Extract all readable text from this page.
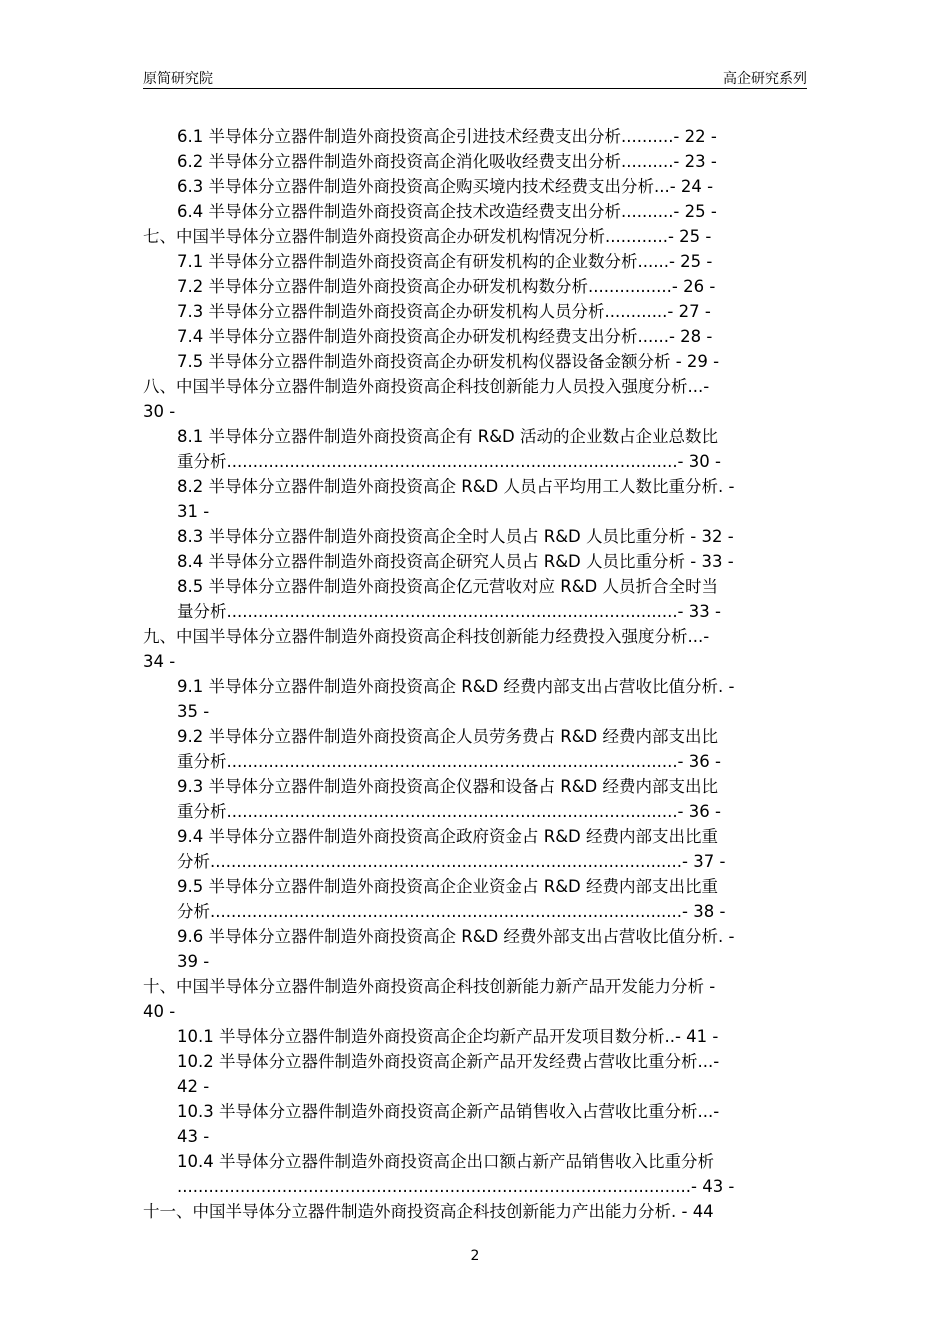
原简研究院	高企研究系列
6.1 半导体分立器件制造外商投资高企引进技术经费支出分析..........- 22 -
6.2 半导体分立器件制造外商投资高企消化吸收经费支出分析..........- 23 -
6.3 半导体分立器件制造外商投资高企购买境内技术经费支出分析...- 24 -
6.4 半导体分立器件制造外商投资高企技术改造经费支出分析..........- 25 -
七、中国半导体分立器件制造外商投资高企办研发机构情况分析............- 25 -
7.1 半导体分立器件制造外商投资高企有研发机构的企业数分析......- 25 -
7.2 半导体分立器件制造外商投资高企办研发机构数分析................- 26 -
7.3 半导体分立器件制造外商投资高企办研发机构人员分析............- 27 -
7.4 半导体分立器件制造外商投资高企办研发机构经费支出分析......- 28 -
7.5 半导体分立器件制造外商投资高企办研发机构仪器设备金额分析 - 29 -
八、中国半导体分立器件制造外商投资高企科技创新能力人员投入强度分析...-
30 -
8.1 半导体分立器件制造外商投资高企有 R&D 活动的企业数占企业总数比
重分析......................................................................................- 30 -
8.2 半导体分立器件制造外商投资高企 R&D 人员占平均用工人数比重分析. -
31 -
8.3 半导体分立器件制造外商投资高企全时人员占 R&D 人员比重分析 - 32 -
8.4 半导体分立器件制造外商投资高企研究人员占 R&D 人员比重分析 - 33 -
8.5 半导体分立器件制造外商投资高企亿元营收对应 R&D 人员折合全时当
量分析......................................................................................- 33 -
九、中国半导体分立器件制造外商投资高企科技创新能力经费投入强度分析...-
34 -
9.1 半导体分立器件制造外商投资高企 R&D 经费内部支出占营收比值分析. -
35 -
9.2 半导体分立器件制造外商投资高企人员劳务费占 R&D 经费内部支出比
重分析......................................................................................- 36 -
9.3 半导体分立器件制造外商投资高企仪器和设备占 R&D 经费内部支出比
重分析......................................................................................- 36 -
9.4 半导体分立器件制造外商投资高企政府资金占 R&D 经费内部支出比重
分析..........................................................................................- 37 -
9.5 半导体分立器件制造外商投资高企企业资金占 R&D 经费内部支出比重
分析..........................................................................................- 38 -
9.6 半导体分立器件制造外商投资高企 R&D 经费外部支出占营收比值分析. -
39 -
十、中国半导体分立器件制造外商投资高企科技创新能力新产品开发能力分析 -
40 -
10.1 半导体分立器件制造外商投资高企企均新产品开发项目数分析..- 41 -
10.2 半导体分立器件制造外商投资高企新产品开发经费占营收比重分析...-
42 -
10.3 半导体分立器件制造外商投资高企新产品销售收入占营收比重分析...-
43 -
10.4 半导体分立器件制造外商投资高企出口额占新产品销售收入比重分析
..................................................................................................- 43 -
十一、中国半导体分立器件制造外商投资高企科技创新能力产出能力分析. - 44
2
